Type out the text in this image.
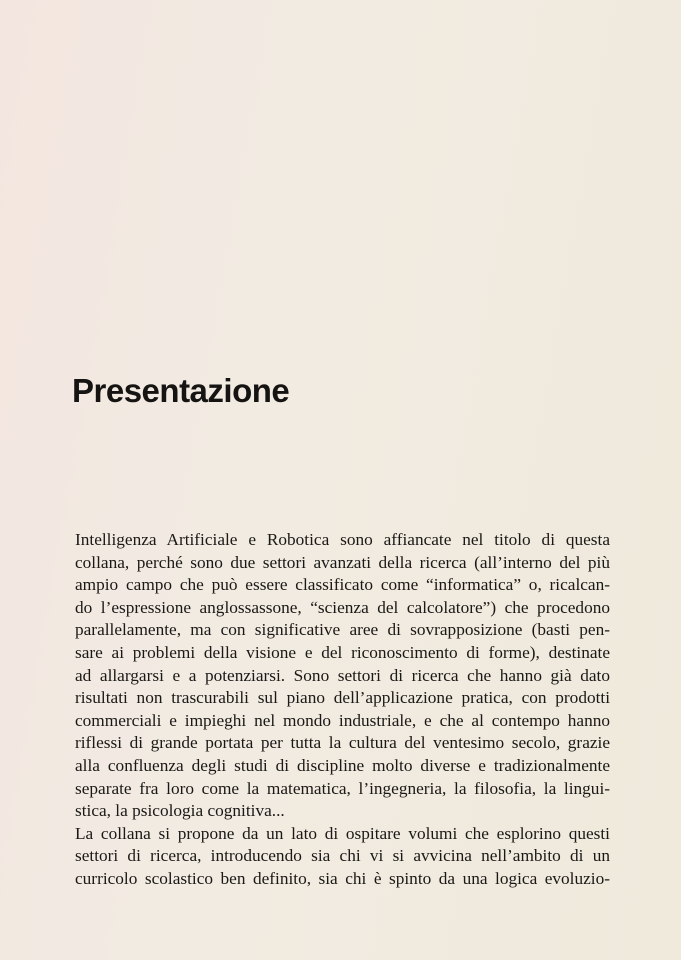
Presentazione
Intelligenza Artificiale e Robotica sono affiancate nel titolo di questa
collana, perché sono due settori avanzati della ricerca (all’interno del più
ampio campo che può essere classificato come “informatica” o, ricalcan-
do l’espressione anglossassone, “scienza del calcolatore”) che procedono
parallelamente, ma con significative aree di sovrapposizione (basti pen-
sare ai problemi della visione e del riconoscimento di forme), destinate
ad allargarsi e a potenziarsi. Sono settori di ricerca che hanno già dato
risultati non trascurabili sul piano dell’applicazione pratica, con prodotti
commerciali e impieghi nel mondo industriale, e che al contempo hanno
riflessi di grande portata per tutta la cultura del ventesimo secolo, grazie
alla confluenza degli studi di discipline molto diverse e tradizionalmente
separate fra loro come la matematica, l’ingegneria, la filosofia, la lingui-
stica, la psicologia cognitiva...
La collana si propone da un lato di ospitare volumi che esplorino questi
settori di ricerca, introducendo sia chi vi si avvicina nell’ambito di un
curricolo scolastico ben definito, sia chi è spinto da una logica evoluzio-
